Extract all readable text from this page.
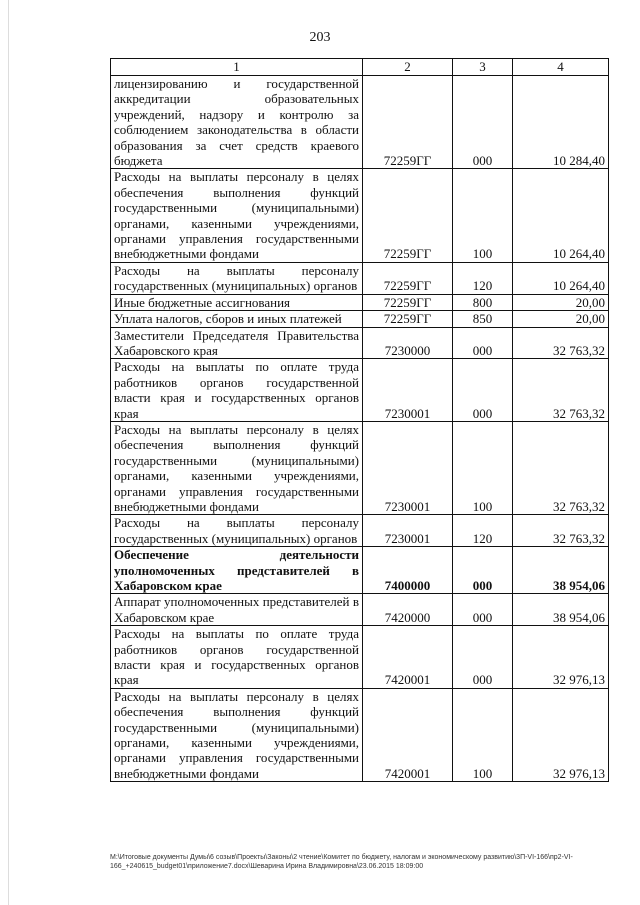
203
1	2	3	4
лицензированию и государственной аккредитации образовательных учреждений, надзору и контролю за соблюдением законодательства в области образования за счет средств краевого бюджета	72259ГГ	000	10 284,40
Расходы на выплаты персоналу в целях обеспечения выполнения функций государственными (муниципальными) органами, казенными учреждениями, органами управления государственными внебюджетными фондами	72259ГГ	100	10 264,40
Расходы на выплаты персоналу государственных (муниципальных) органов	72259ГГ	120	10 264,40
Иные бюджетные ассигнования	72259ГГ	800	20,00
Уплата налогов, сборов и иных платежей	72259ГГ	850	20,00
Заместители Председателя Правительства Хабаровского края	7230000	000	32 763,32
Расходы на выплаты по оплате труда работников органов государственной власти края и государственных органов края	7230001	000	32 763,32
Расходы на выплаты персоналу в целях обеспечения выполнения функций государственными (муниципальными) органами, казенными учреждениями, органами управления государственными внебюджетными фондами	7230001	100	32 763,32
Расходы на выплаты персоналу государственных (муниципальных) органов	7230001	120	32 763,32
Обеспечение деятельности уполномоченных представителей в Хабаровском крае	7400000	000	38 954,06
Аппарат уполномоченных представителей в Хабаровском крае	7420000	000	38 954,06
Расходы на выплаты по оплате труда работников органов государственной власти края и государственных органов края	7420001	000	32 976,13
Расходы на выплаты персоналу в целях обеспечения выполнения функций государственными (муниципальными) органами, казенными учреждениями, органами управления государственными внебюджетными фондами	7420001	100	32 976,13
M:\Итоговые документы Думы\6 созыв\Проекты\Законы\2 чтение\Комитет по бюджету, налогам и экономическому развитию\3П-VI-166\пр2-VI-166_+240615_budget01\приложение7.docx\Шеварина Ирина Владимировна\23.06.2015 18:09:00
